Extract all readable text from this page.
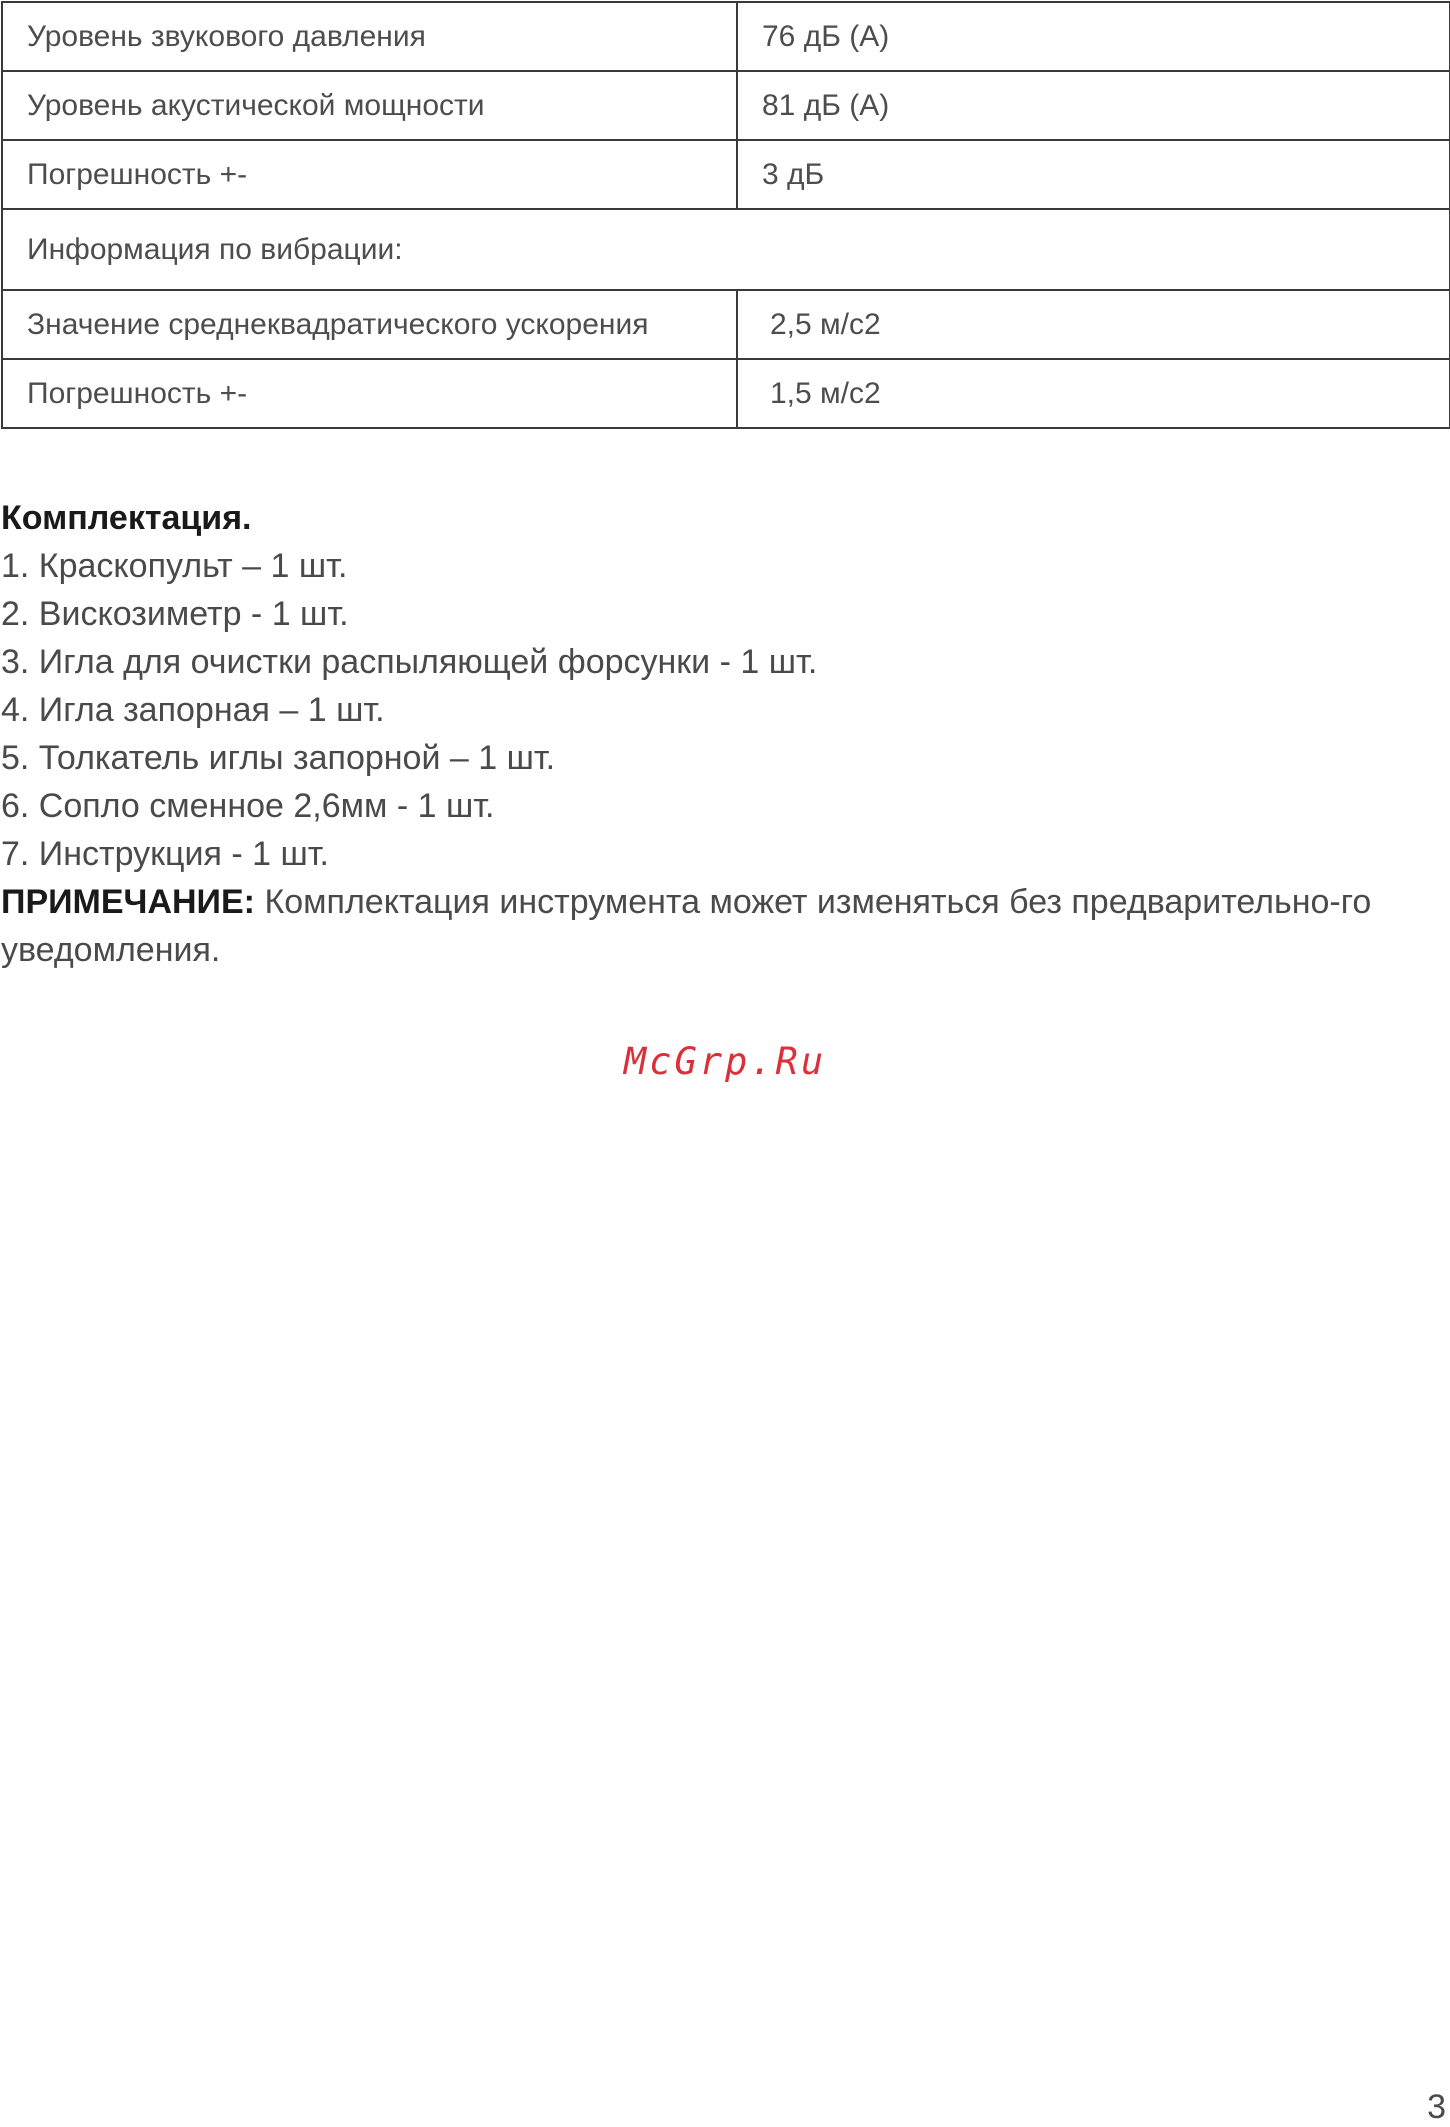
Уровень звукового давления	76 дБ (А)
Уровень акустической мощности	81 дБ (А)
Погрешность +-	3 дБ
Информация по вибрации:	
Значение среднеквадратического ускорения	2,5 м/с2
Погрешность +-	1,5 м/с2
Комплектация.
1. Краскопульт – 1 шт.
2. Вискозиметр - 1 шт.
3. Игла для очистки распыляющей форсунки - 1 шт.
4. Игла запорная – 1 шт.
5. Толкатель иглы запорной – 1 шт.
6. Сопло сменное 2,6мм - 1 шт.
7. Инструкция - 1 шт.
ПРИМЕЧАНИЕ: Комплектация инструмента может изменяться без предварительно-го уведомления.
McGrp.Ru
3
